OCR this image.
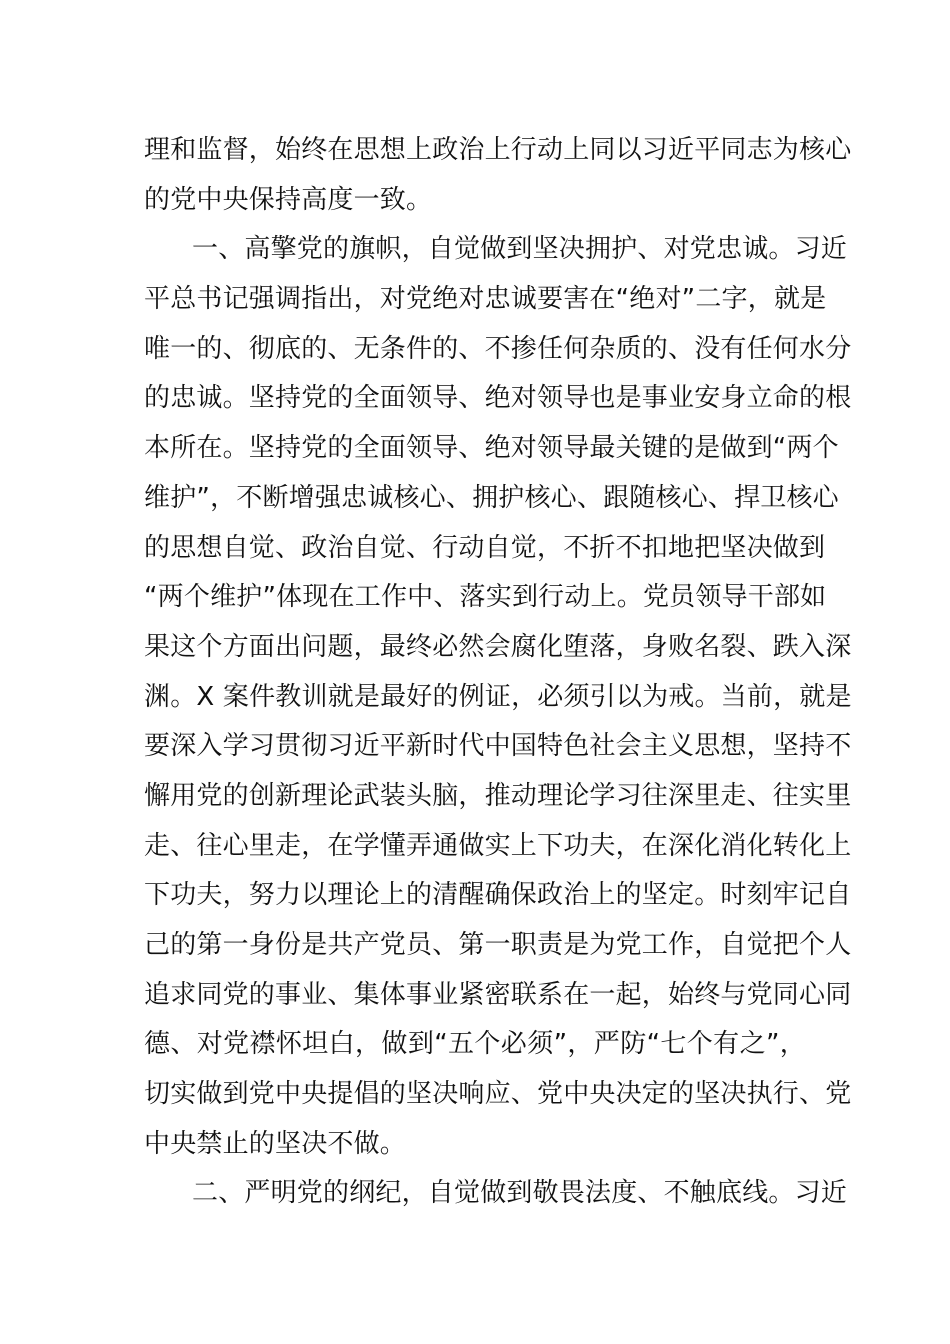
理和监督，始终在思想上政治上行动上同以习近平同志为核心
的党中央保持高度一致。
一、高擎党的旗帜，自觉做到坚决拥护、对党忠诚。习近
平总书记强调指出，对党绝对忠诚要害在“绝对”二字，就是
唯一的、彻底的、无条件的、不掺任何杂质的、没有任何水分
的忠诚。坚持党的全面领导、绝对领导也是事业安身立命的根
本所在。坚持党的全面领导、绝对领导最关键的是做到“两个
维护”，不断增强忠诚核心、拥护核心、跟随核心、捍卫核心
的思想自觉、政治自觉、行动自觉，不折不扣地把坚决做到
“两个维护”体现在工作中、落实到行动上。党员领导干部如
果这个方面出问题，最终必然会腐化堕落，身败名裂、跌入深
渊。X 案件教训就是最好的例证，必须引以为戒。当前，就是
要深入学习贯彻习近平新时代中国特色社会主义思想，坚持不
懈用党的创新理论武装头脑，推动理论学习往深里走、往实里
走、往心里走，在学懂弄通做实上下功夫，在深化消化转化上
下功夫，努力以理论上的清醒确保政治上的坚定。时刻牢记自
己的第一身份是共产党员、第一职责是为党工作，自觉把个人
追求同党的事业、集体事业紧密联系在一起，始终与党同心同
德、对党襟怀坦白，做到“五个必须”，严防“七个有之”，
切实做到党中央提倡的坚决响应、党中央决定的坚决执行、党
中央禁止的坚决不做。
二、严明党的纲纪，自觉做到敬畏法度、不触底线。习近
